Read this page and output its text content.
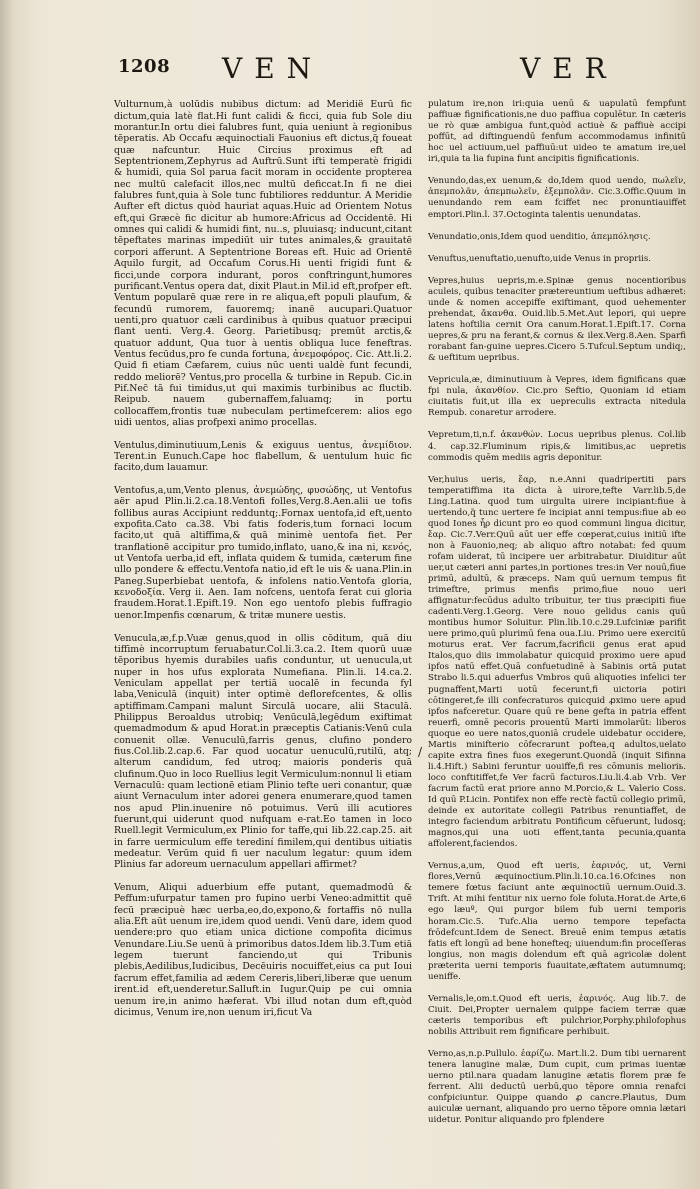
1208 VEN	VER

Vulturnum,à uolūdis nubibus dictum: ad Meridië Eurū fic dictum,quia latè flat.Hi funt calidi & ficci, quia fub Sole diu morantur.In ortu diei falubres funt, quia ueniunt à regionibus tēperatis. Ab Occafu æquinoctiali Fauonius eft dictus,q̃ foueat quæ nafcuntur. Huic Circius proximus eft ad Septentrionem,Zephyrus ad Auftrū.Sunt ifti temperatè frigidi & humidi, quia Sol parua facit moram in occidente propterea nec multū calefacit illos,nec multū deficcat.In fi ne diei falubres funt,quia à Sole tunc fubtiliores redduntur. A Meridie Aufter eft dictus quòd hauriat aquas.Huic ad Orientem Notus eft,qui Græcè fic dicitur ab humore:Africus ad Occidentē. Hi omnes qui calidi & humidi fint, nu..s, pluuiasq; inducunt,citant tēpeftates marinas impediūt uir tutes animales,& grauitatē corpori afferunt. A Septentrione Boreas eft. Huic ad Orientē Aquilo furgit, ad Occafum Corus.Hi uenti frigidi funt & ficci,unde corpora indurant, poros conftringunt,humores purificant.Ventus opera dat, dixit Plaut.in Mil.id eft,profper eft. Ventum popularē quæ rere in re aliqua,eft populi plaufum, & fecundū rumorem, fauoremq; inanē aucupari.Quatuor uenti,pro quatuor cæli cardinibus à quibus quatuor præcipui flant uenti. Verg.4. Georg. Parietibusq; premūt arctis,& quatuor addunt, Qua tuor à uentis obliqua luce feneftras. Ventus fecūdus,pro fe cunda fortuna, ἀνεμοφόρος. Cic. Att.li.2. Quid fi etiam Cæfarem, cuius nūc uenti ualdè funt fecundi, reddo meliorē? Ventus,pro procella & turbine in Repub. Cic.in Pif.Nec̃ tā fui timidus,ut qui maximis turbinibus ac fluctib. Reipub. nauem gubernaffem,faluamq; in portu collocaffem,frontis tuæ nubeculam pertimefcerem: alios ego uidi uentos, alias profpexi animo procellas.

Ventulus,diminutiuum,Lenis & exiguus uentus, ἀνεμίδιον. Terent.in Eunuch.Cape hoc flabellum, & uentulum huic fic facito,dum lauamur.

Ventofus,a,um,Vento plenus, ἀνεμώδης, φυσώδης, ut Ventofus aër apud Plin.li.2.ca.18.Ventofi folles,Verg.8.Aen.alii ue tofis follibus auras Accipiunt redduntq;.Fornax uentofa,id eft,uento expofita.Cato ca.38. Vbi fatis foderis,tum fornaci locum facito,ut quā altiffima,& quā minimè uentofa fiet. Per tranflationē accipitur pro tumido,inflato, uano,& ina ni, κενός, ut Ventofa uerba,id eft, inflata quidem & tumida, cæterum fine ullo pondere & effectu.Ventofa natio,id eft le uis & uana.Plin.in Paneg.Superbiebat uentofa, & infolens natio.Ventofa gloria, κενοδοξία. Verg ii. Aen. Iam nofcens, uentofa ferat cui gloria fraudem.Horat.1.Epift.19. Non ego uentofo plebis fuffragio uenor.Impenfis cœnarum, & tritæ munere uestis.

Venucula,æ,f.p.Vuæ genus,quod in ollis cōditum, quā diu tiffimè incorruptum feruabatur.Col.li.3.ca.2. Item quorū uuæ tēporibus hyemis durabiles uafis conduntur, ut uenucula,ut nuper in hos ufus explorata Numefiana. Plin.li. 14.ca.2. Veniculam appellat per tertiā uocalē in fecunda fyl laba,Veniculā (inquit) inter optimè deflorefcentes, & ollis aptiffimam.Campani malunt Sirculā uocare, alii Staculā. Philippus Beroaldus utrobiq; Venūculā,legēdum exiftimat quemadmodum & apud Horat.in præceptis Catianis:Venū cula conuenit ollæ. Venuculū,farris genus, clufino pondero fius.Col.lib.2.cap.6. Far quod uocatur uenuculū,rutilū, atq; alterum candidum, fed utroq; maioris ponderis quā clufinum.Quo in loco Ruellius legit Vermiculum:nonnul li etiam Vernaculū: quam lectionē etiam Plinio tefte ueri conantur, quæ aiunt Vernaculum inter adorei genera enumerare,quod tamen nos apud Plin.inuenire nō potuimus. Verū illi acutiores fuerunt,qui uiderunt quod nufquam e-rat.Eo tamen in loco Ruell.legit Vermiculum,ex Plinio for taffe,qui lib.22.cap.25. ait in farre uermiculum effe terediní fimilem,qui dentibus uitiatis medeatur. Verūm quid fi uer naculum legatur: quum idem Plinius far adoreum uernaculum appellari affirmet?

Venum, Aliqui aduerbium effe putant, quemadmodū & Peffum:ufurpatur tamen pro fupino uerbi Veneo:admittit quē fecū præcipuè hæc uerba,eo,do,expono,& fortaffis nō nulla alia.Eft aūt uenum ire,idem quod uendi. Venū dare, idem quod uendere:pro quo etiam unica dictione compofita dicimus Venundare.Liu.Se uenū à primoribus datos.Idem lib.3.Tum etiā legem tuerunt fanciendo,ut qui Tribunis plebis,Aedilibus,Iudicibus, Decēuiris nocuiffet,eius ca put Ioui facrum effet,familia ad ædem Cereris,liberi,liberæ que uenum irent.id eft,uenderetur.Salluft.in Iugur.Quip pe cui omnia uenum ire,in animo hæferat. Vbi illud notan dum eft,quòd dicimus, Venum ire,non uenum iri,ficut Va

/

pulatum ire,non iri:quia uenū & uapulatū fempfunt paffiuæ fignificationis,ne duo paffiua copulētur. In cæteris ue rò quæ ambigua funt,quòd actiuè & paffiuè accipi poffūt, ad diftinguendū fenfum accommodamus infinitū hoc uel actiuum,uel paffiuū:ut uideo te amatum ire,uel iri,quia ta lia fupina funt ancipitis fignificationis.

Venundo,das,ex uenum,& do,Idem quod uendo, πωλεῖν, ἀπεμπολᾶν, ἀπεμπωλεῖν, ἐξεμπολᾶν. Cic.3.Offic.Quum in uenundando rem eam fciffet nec pronuntiauiffet emptori.Plin.l. 37.Octoginta talentis uenundatas.

Venundatio,onis,Idem quod uenditio, ἀπεμπόλησις.

Venuftus,uenuftatio,uenufto,uide Venus in propriis.

Vepres,huius uepris,m.e.Spinæ genus nocentioribus aculeis, quibus tenaciter prætereuntium ueftibus adhæret: unde & nomen accepiffe exiftimant, quod uehementer prehendat, ἄκανθα. Ouid.lib.5.Met.Aut lepori, qui uepre latens hoftilia cernit Ora canum.Horat.1.Epift.17. Corna uepres,& pru na ferant,& cornus & ilex.Verg.8.Aen. Sparfi rorabant fan-guine uepres.Cicero 5.Tufcul.Septum undiq;, & ueftitum uepribus.

Vepricula,æ, diminutiuum à Vepres, idem fignificans quæ fpi nula, ἀκανθίον. Cic.pro Seftio, Quoniam id etiam ciuitatis fuit,ut illa ex uepreculis extracta nitedula Rempub. conaretur arrodere.

Vepretum,ti,n.f. ἀκανθών. Locus uepribus plenus. Col.lib 4. cap.32.Fluminum ripis,& limitibus,ac uepretis commodis quēm mediis agris deponitur.

Ver,huius ueris, ἔαρ, n.e.Anni quadripertiti pars temperatiffima ita dicta à uirore,tefte Varr.lib.5,de Ling.Latina. quod tum uirgulta uirere incipiant:fiue à uertendo,q̃ tunc uertere fe incipiat anni tempus:fiue ab eo quod Iones ἦρ dicunt pro eo quod communi lingua dicitur, ἔαρ. Cic.7.Verr.Quū aūt uer effe cœperat,cuius initiū ifte non à Fauonio,neq; ab aliquo aftro notabat: fed quum rofam uiderat, tū incipere uer arbitrabatur. Diuiditur aūt uer,ut cæteri anni partes,in portiones tres:in Ver nouū,fiue primū, adultū, & præceps. Nam quū uernum tempus fit trimeftre, primus menfis primo,fiue nouo ueri affignatur:fecūdus adulto tribuitur, ter tius præcipiti fiue cadenti.Verg.1.Georg. Vere nouo gelidus canis quū montibus humor Soluitur. Plin.lib.10.c.29.Lufciniæ parifit uere primo,quū plurimū fena oua.Liu. Primo uere exercitū moturus erat. Ver facrum,facrificii genus erat apud Italos,quo diis immolabatur quicquid proximo uere apud ipfos natū effet.Quā confuetudinē à Sabinis ortā putat Strabo li.5.qui aduerfus Vmbros quū aliquoties infelici ter pugnaffent,Marti uotū fecerunt,fi uictoria potiri cōtingeret,fe illi confecraturos quicquid ꝓximo uere apud ipfos nafceretur. Quare quū re bene gefta in patria effent reuerfi, omnē pecoris prouentū Marti immolarūt: liberos quoque eo uere natos,quoniā crudele uidebatur occidere, Martis minifterio cōfecrarunt poftea,q adultos,uelato capite extra fines fuos exegerunt.Quondā (inquit Sifinna li.4.Hift.) Sabini feruntur uouiffe,fi res cōmunis melioriь. loco conftitiffet,fe Ver facrū facturos.Liu.li.4.ab Vrb. Ver facrum factū erat priore anno M.Porcio,& L. Valerio Coss. Id quū P.Licin. Pontifex non effe rectè factū collegio primū, deinde ex autoritate collegii Patribus renuntiaffet, de integro faciendum arbitratu Pontificum cēfuerunt, ludosq; magnos,qui una uoti effent,tanta pecunia,quanta affolerent,faciendos.

Vernus,a,um, Quod eft ueris, ἐαρινός, ut, Verni flores,Vernū æquinoctium.Plin.li.10.ca.16.Ofcines non temere fœtus faciunt ante æquinoctiū uernum.Ouid.3. Trift. At mihi fentitur nix uerno fole foluta.Horat.de Arte,6 ego læuº, Qui purgor bilem fub uerni temporis horam.Cic.5. Tufc.Alia uerno tempore tepefacta frōdefcunt.Idem de Senect. Breuē enim tempus ætatis fatis eft longū ad bene honefteq; uiuendum:fin proceſſeras longius, non magis dolendum eft quā agricolæ dolent præterita uerni temporis fuauitate,æftatem autumnumq; ueniffe.

Vernalis,le,om.t.Quod eft ueris, ἐαρινός. Aug lib.7. de Ciuit. Dei,Propter uernalem quippe faciem terræ quæ cæteris temporibus eft pulchrior,Porphy.philofophus nobilis Attribuit rem fignificare perhibuit.

Verno,as,n.p.Pullulo. ἐαρίζω. Mart.li.2. Dum tibi uernarent tenera lanugine malæ, Dum cupit, cum primas iuentæ uerno ptil.nara quadam lanugine ætatis florem præ fe ferrent. Alii deductū uerbū,quo tēpore omnia renafci confpiciuntur. Quippe quando ꝓ cancre.Plautus, Dum auiculæ uernant, aliquando pro uerno tēpore omnia lætari uidetur. Ponitur aliquando pro fplendere
